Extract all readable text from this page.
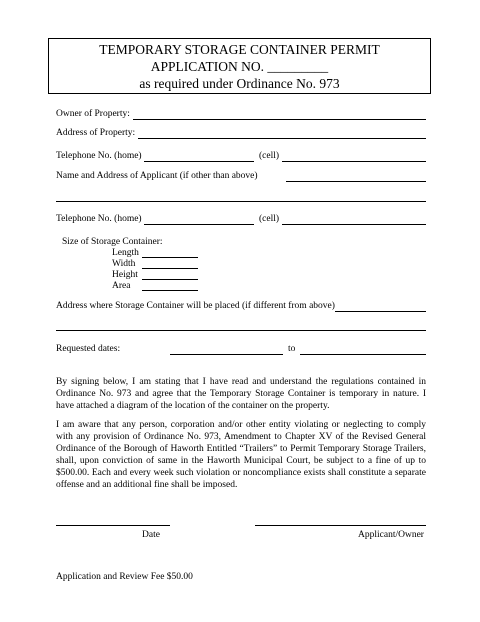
TEMPORARY STORAGE CONTAINER PERMIT
APPLICATION NO. _________
as required under Ordinance No. 973
Owner of Property:
Address of Property:
Telephone No. (home)	(cell)
Name and Address of Applicant (if other than above)
Telephone No. (home)	(cell)
Size of Storage Container:
Length
Width
Height
Area
Address where Storage Container will be placed (if different from above)
Requested dates:	to
By signing below, I am stating that I have read and understand the regulations contained in Ordinance No. 973 and agree that the Temporary Storage Container is temporary in nature. I have attached a diagram of the location of the container on the property.
I am aware that any person, corporation and/or other entity violating or neglecting to comply with any provision of Ordinance No. 973, Amendment to Chapter XV of the Revised General Ordinance of the Borough of Haworth Entitled “Trailers” to Permit Temporary Storage Trailers, shall, upon conviction of same in the Haworth Municipal Court, be subject to a fine of up to $500.00. Each and every week such violation or noncompliance exists shall constitute a separate offense and an additional fine shall be imposed.
Date	Applicant/Owner
Application and Review Fee $50.00
